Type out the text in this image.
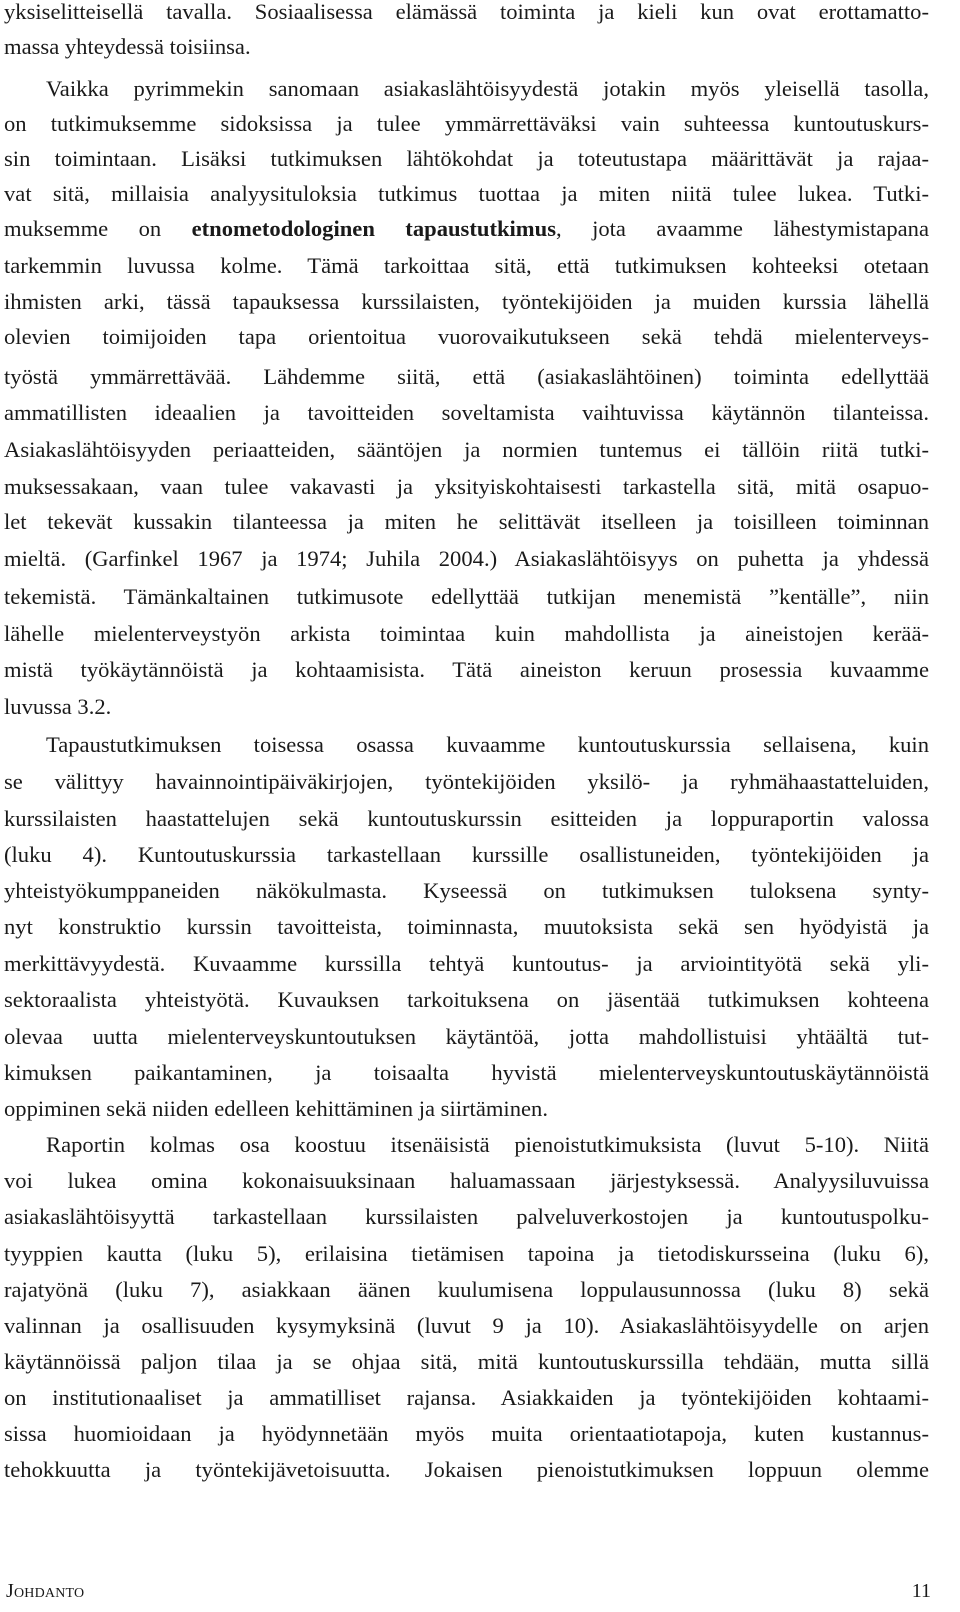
yksiselitteisellä tavalla. Sosiaalisessa elämässä toiminta ja kieli kun ovat erottamatto-
massa yhteydessä toisiinsa.
Vaikka pyrimmekin sanomaan asiakaslähtöisyydestä jotakin myös yleisellä tasolla,
on tutkimuksemme sidoksissa ja tulee ymmärrettäväksi vain suhteessa kuntoutuskurs-
sin toimintaan. Lisäksi tutkimuksen lähtökohdat ja toteutustapa määrittävät ja rajaa-
vat sitä, millaisia analyysituloksia tutkimus tuottaa ja miten niitä tulee lukea. Tutki-
muksemme on etnometodologinen tapaustutkimus, jota avaamme lähestymistapana
tarkemmin luvussa kolme. Tämä tarkoittaa sitä, että tutkimuksen kohteeksi otetaan
ihmisten arki, tässä tapauksessa kurssilaisten, työntekijöiden ja muiden kurssia lähellä
olevien toimijoiden tapa orientoitua vuorovaikutukseen sekä tehdä mielenterveys-
työstä ymmärrettävää. Lähdemme siitä, että (asiakaslähtöinen) toiminta edellyttää
ammatillisten ideaalien ja tavoitteiden soveltamista vaihtuvissa käytännön tilanteissa.
Asiakaslähtöisyyden periaatteiden, sääntöjen ja normien tuntemus ei tällöin riitä tutki-
muksessakaan, vaan tulee vakavasti ja yksityiskohtaisesti tarkastella sitä, mitä osapuo-
let tekevät kussakin tilanteessa ja miten he selittävät itselleen ja toisilleen toiminnan
mieltä. (Garfinkel 1967 ja 1974; Juhila 2004.) Asiakaslähtöisyys on puhetta ja yhdessä
tekemistä. Tämänkaltainen tutkimusote edellyttää tutkijan menemistä ”kentälle”, niin
lähelle mielenterveystyön arkista toimintaa kuin mahdollista ja aineistojen kerää-
mistä työkäytännöistä ja kohtaamisista. Tätä aineiston keruun prosessia kuvaamme
luvussa 3.2.
Tapaustutkimuksen toisessa osassa kuvaamme kuntoutuskurssia sellaisena, kuin
se välittyy havainnointipäiväkirjojen, työntekijöiden yksilö- ja ryhmähaastatteluiden,
kurssilaisten haastattelujen sekä kuntoutuskurssin esitteiden ja loppuraportin valossa
(luku 4). Kuntoutuskurssia tarkastellaan kurssille osallistuneiden, työntekijöiden ja
yhteistyökumppaneiden näkökulmasta. Kyseessä on tutkimuksen tuloksena synty-
nyt konstruktio kurssin tavoitteista, toiminnasta, muutoksista sekä sen hyödyistä ja
merkittävyydestä. Kuvaamme kurssilla tehtyä kuntoutus- ja arviointityötä sekä yli-
sektoraalista yhteistyötä. Kuvauksen tarkoituksena on jäsentää tutkimuksen kohteena
olevaa uutta mielenterveyskuntoutuksen käytäntöä, jotta mahdollistuisi yhtäältä tut-
kimuksen paikantaminen, ja toisaalta hyvistä mielenterveyskuntoutuskäytännöistä
oppiminen sekä niiden edelleen kehittäminen ja siirtäminen.
Raportin kolmas osa koostuu itsenäisistä pienoistutkimuksista (luvut 5-10). Niitä
voi lukea omina kokonaisuuksinaan haluamassaan järjestyksessä. Analyysiluvuissa
asiakaslähtöisyyttä tarkastellaan kurssilaisten palveluverkostojen ja kuntoutuspolku-
tyyppien kautta (luku 5), erilaisina tietämisen tapoina ja tietodiskursseina (luku 6),
rajatyönä (luku 7), asiakkaan äänen kuulumisena loppulausunnossa (luku 8) sekä
valinnan ja osallisuuden kysymyksinä (luvut 9 ja 10). Asiakaslähtöisyydelle on arjen
käytännöissä paljon tilaa ja se ohjaa sitä, mitä kuntoutuskurssilla tehdään, mutta sillä
on institutionaaliset ja ammatilliset rajansa. Asiakkaiden ja työntekijöiden kohtaami-
sissa huomioidaan ja hyödynnetään myös muita orientaatiotapoja, kuten kustannus-
tehokkuutta ja työntekijävetoisuutta. Jokaisen pienoistutkimuksen loppuun olemme
Johdanto	11
